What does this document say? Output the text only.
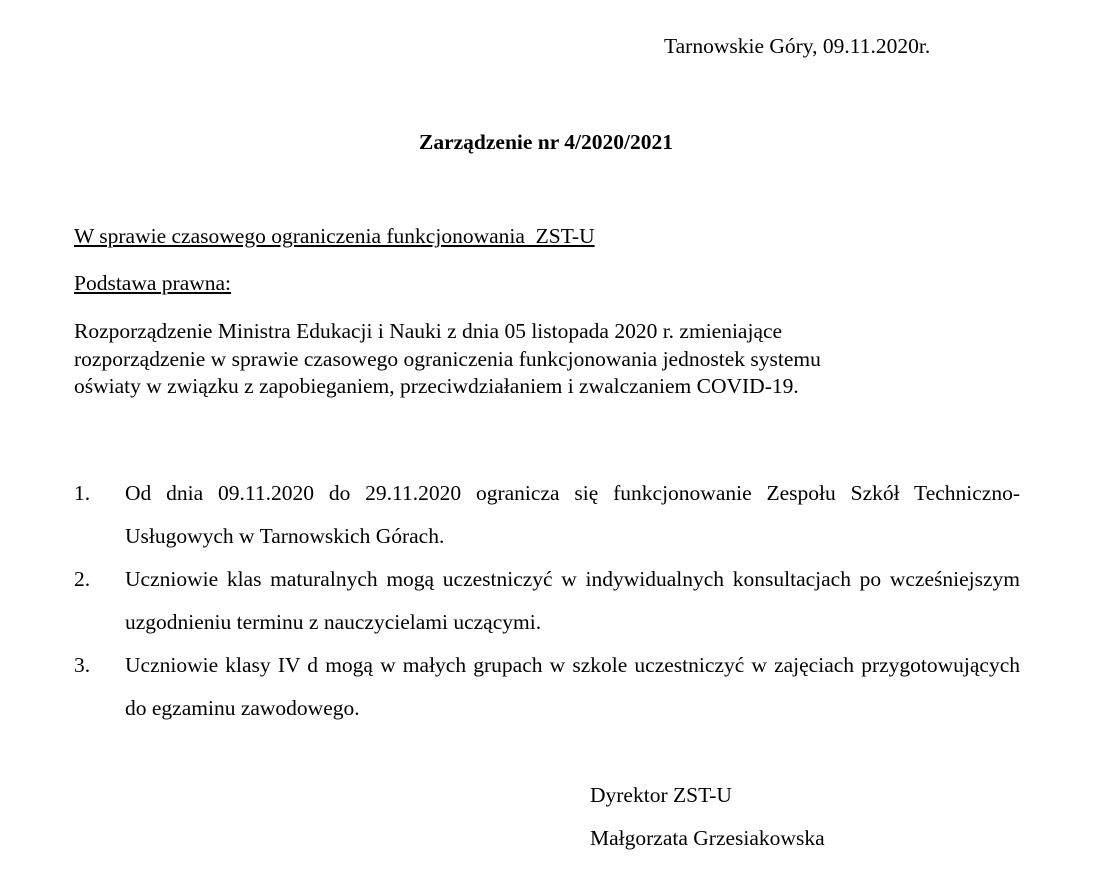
Tarnowskie Góry, 09.11.2020r.
Zarządzenie nr 4/2020/2021
W sprawie czasowego ograniczenia funkcjonowania  ZST-U
Podstawa prawna:
Rozporządzenie Ministra Edukacji i Nauki z dnia 05 listopada 2020 r. zmieniające
rozporządzenie w sprawie czasowego ograniczenia funkcjonowania jednostek systemu
oświaty w związku z zapobieganiem, przeciwdziałaniem i zwalczaniem COVID-19.
1. Od dnia 09.11.2020 do 29.11.2020 ogranicza się funkcjonowanie Zespołu Szkół Techniczno-Usługowych w Tarnowskich Górach.
2. Uczniowie klas maturalnych mogą uczestniczyć w indywidualnych konsultacjach po wcześniejszym uzgodnieniu terminu z nauczycielami uczącymi.
3. Uczniowie klasy IV d mogą w małych grupach w szkole uczestniczyć w zajęciach przygotowujących do egzaminu zawodowego.
Dyrektor ZST-U
Małgorzata Grzesiakowska
